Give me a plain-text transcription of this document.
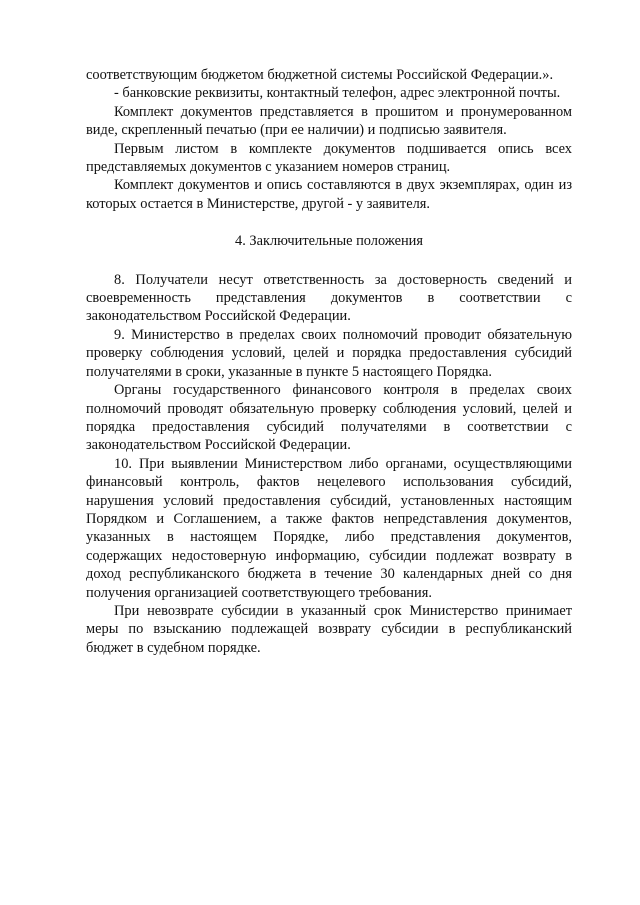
соответствующим бюджетом бюджетной системы Российской Федерации.».

- банковские реквизиты, контактный телефон, адрес электронной почты.

Комплект документов представляется в прошитом и пронумерованном виде, скрепленный печатью (при ее наличии) и подписью заявителя.

Первым листом в комплекте документов подшивается опись всех представляемых документов с указанием номеров страниц.

Комплект документов и опись составляются в двух экземплярах, один из которых остается в Министерстве, другой - у заявителя.

4. Заключительные положения

8. Получатели несут ответственность за достоверность сведений и своевременность представления документов в соответствии с законодательством Российской Федерации.

9. Министерство в пределах своих полномочий проводит обязательную проверку соблюдения условий, целей и порядка предоставления субсидий получателями в сроки, указанные в пункте 5 настоящего Порядка.

Органы государственного финансового контроля в пределах своих полномочий проводят обязательную проверку соблюдения условий, целей и порядка предоставления субсидий получателями в соответствии с законодательством Российской Федерации.

10. При выявлении Министерством либо органами, осуществляющими финансовый контроль, фактов нецелевого использования субсидий, нарушения условий предоставления субсидий, установленных настоящим Порядком и Соглашением, а также фактов непредставления документов, указанных в настоящем Порядке, либо представления документов, содержащих недостоверную информацию, субсидии подлежат возврату в доход республиканского бюджета в течение 30 календарных дней со дня получения организацией соответствующего требования.

При невозврате субсидии в указанный срок Министерство принимает меры по взысканию подлежащей возврату субсидии в республиканский бюджет в судебном порядке.
